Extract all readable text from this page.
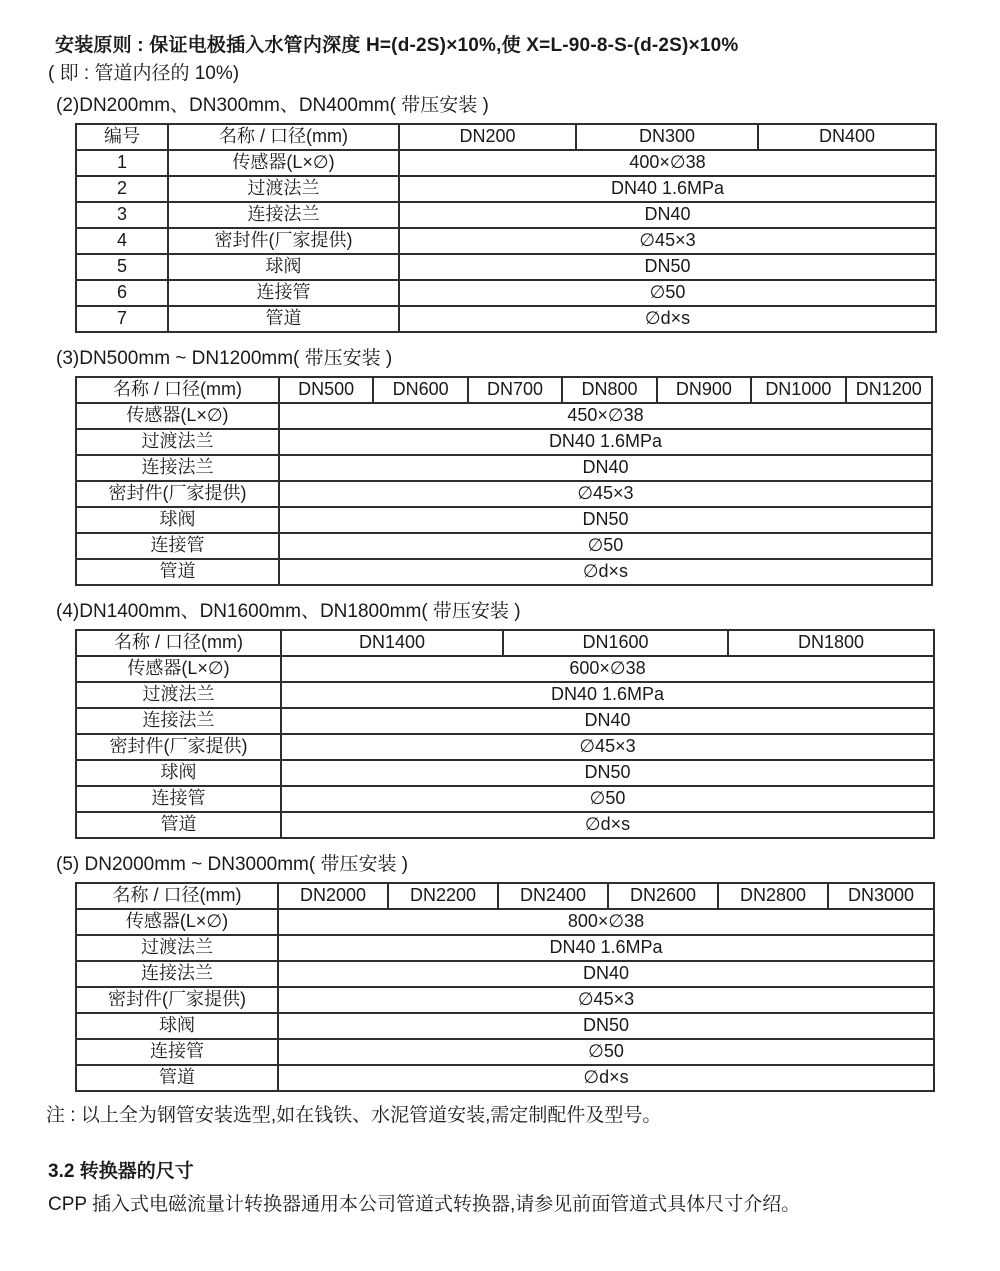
安装原则 : 保证电极插入水管内深度 H=(d-2S)×10%,使 X=L-90-8-S-(d-2S)×10%

( 即 : 管道内径的 10%)

(2)DN200mm、DN300mm、DN400mm( 带压安装 )

编号	名称 / 口径(mm)	DN200	DN300	DN400
1	传感器(L×∅)	400×∅38		
2	过渡法兰	DN40 1.6MPa		
3	连接法兰	DN40		
4	密封件(厂家提供)	∅45×3		
5	球阀	DN50		
6	连接管	∅50		
7	管道	∅d×s		

(3)DN500mm ~ DN1200mm( 带压安装 )

名称 / 口径(mm)	DN500	DN600	DN700	DN800	DN900	DN1000	DN1200
传感器(L×∅)	450×∅38						
过渡法兰	DN40 1.6MPa						
连接法兰	DN40						
密封件(厂家提供)	∅45×3						
球阀	DN50						
连接管	∅50						
管道	∅d×s						

(4)DN1400mm、DN1600mm、DN1800mm( 带压安装 )

名称 / 口径(mm)	DN1400	DN1600	DN1800
传感器(L×∅)	600×∅38		
过渡法兰	DN40 1.6MPa		
连接法兰	DN40		
密封件(厂家提供)	∅45×3		
球阀	DN50		
连接管	∅50		
管道	∅d×s		

(5) DN2000mm ~ DN3000mm( 带压安装 )

名称 / 口径(mm)	DN2000	DN2200	DN2400	DN2600	DN2800	DN3000
传感器(L×∅)	800×∅38					
过渡法兰	DN40 1.6MPa					
连接法兰	DN40					
密封件(厂家提供)	∅45×3					
球阀	DN50					
连接管	∅50					
管道	∅d×s					

注 : 以上全为钢管安装选型,如在钱铁、水泥管道安装,需定制配件及型号。

3.2 转换器的尺寸

CPP 插入式电磁流量计转换器通用本公司管道式转换器,请参见前面管道式具体尺寸介绍。
